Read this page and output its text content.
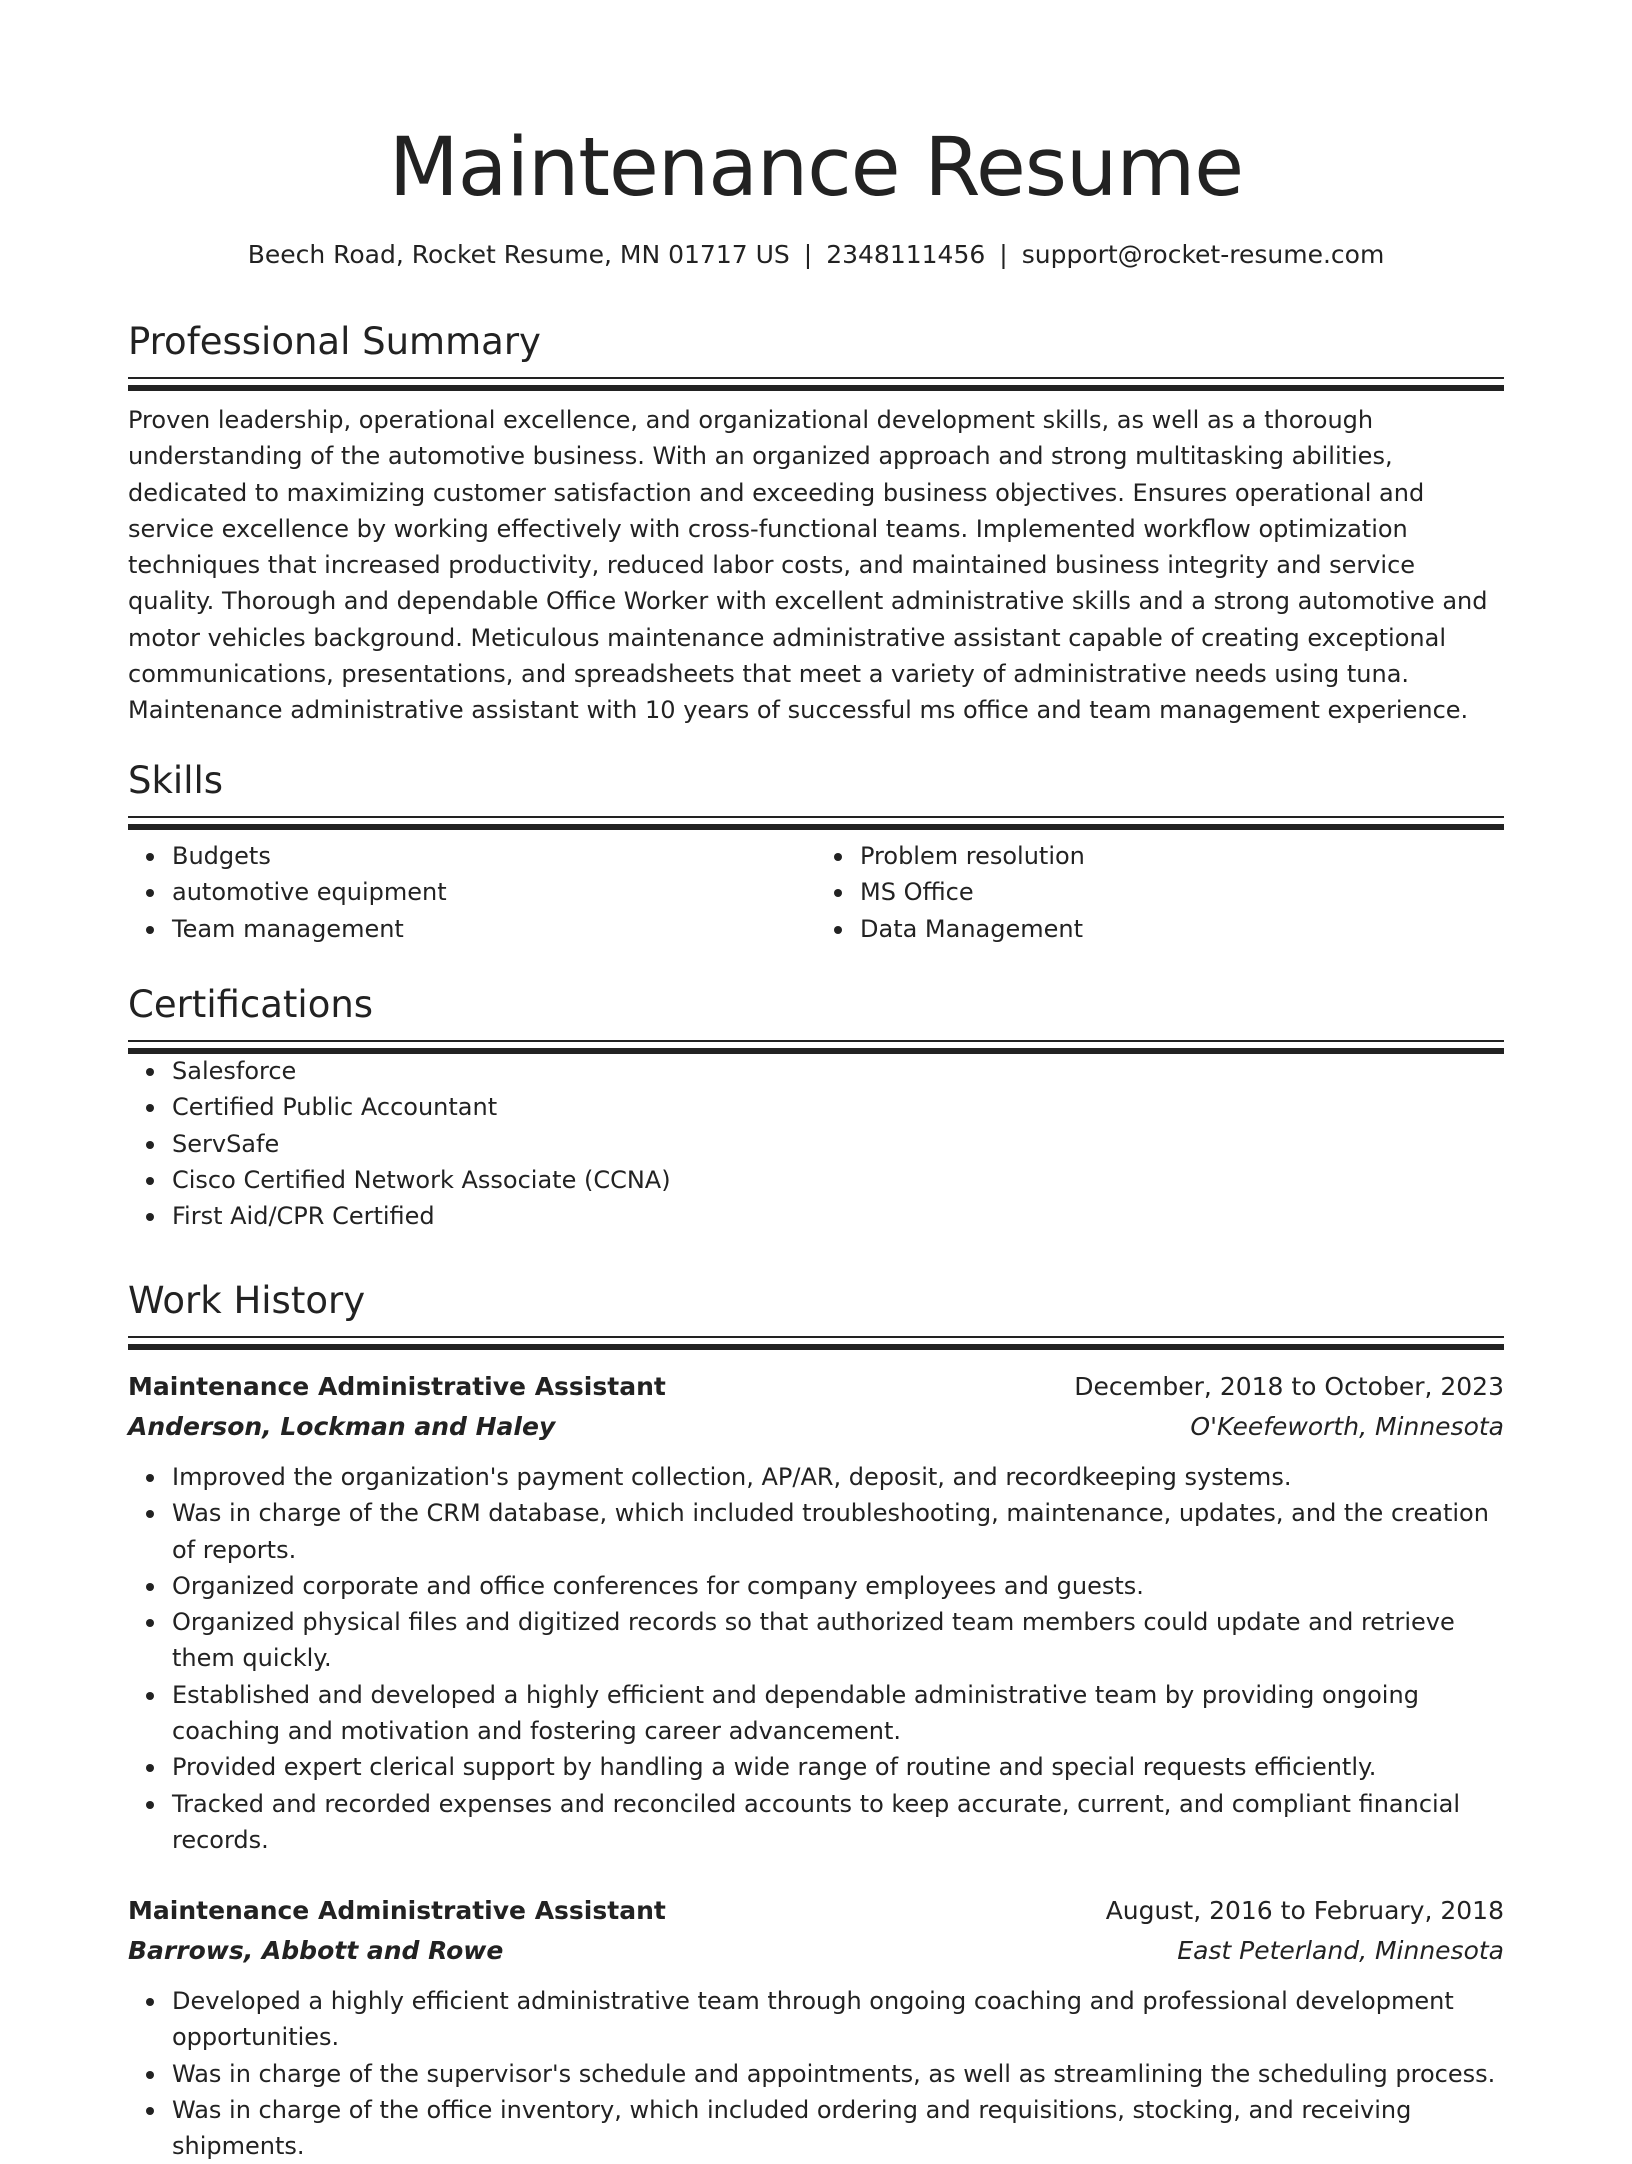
Maintenance Resume
Beech Road, Rocket Resume, MN 01717 US | 2348111456 | support@rocket-resume.com
Professional Summary

Proven leadership, operational excellence, and organizational development skills, as well as a thorough understanding of the automotive business. With an organized approach and strong multitasking abilities, dedicated to maximizing customer satisfaction and exceeding business objectives. Ensures operational and service excellence by working effectively with cross-functional teams. Implemented workflow optimization techniques that increased productivity, reduced labor costs, and maintained business integrity and service quality. Thorough and dependable Office Worker with excellent administrative skills and a strong automotive and motor vehicles background. Meticulous maintenance administrative assistant capable of creating exceptional communications, presentations, and spreadsheets that meet a variety of administrative needs using tuna. Maintenance administrative assistant with 10 years of successful ms office and team management experience.

Skills
Budgets
automotive equipment
Team management
Problem resolution
MS Office
Data Management
Certifications
Salesforce
Certified Public Accountant
ServSafe
Cisco Certified Network Associate (CCNA)
First Aid/CPR Certified
Work History
Maintenance Administrative Assistant	December, 2018 to October, 2023
Anderson, Lockman and Haley	O'Keefeworth, Minnesota
Improved the organization's payment collection, AP/AR, deposit, and recordkeeping systems.
Was in charge of the CRM database, which included troubleshooting, maintenance, updates, and the creation of reports.
Organized corporate and office conferences for company employees and guests.
Organized physical files and digitized records so that authorized team members could update and retrieve them quickly.
Established and developed a highly efficient and dependable administrative team by providing ongoing coaching and motivation and fostering career advancement.
Provided expert clerical support by handling a wide range of routine and special requests efficiently.
Tracked and recorded expenses and reconciled accounts to keep accurate, current, and compliant financial records.
Maintenance Administrative Assistant	August, 2016 to February, 2018
Barrows, Abbott and Rowe	East Peterland, Minnesota
Developed a highly efficient administrative team through ongoing coaching and professional development opportunities.
Was in charge of the supervisor's schedule and appointments, as well as streamlining the scheduling process.
Was in charge of the office inventory, which included ordering and requisitions, stocking, and receiving shipments.
